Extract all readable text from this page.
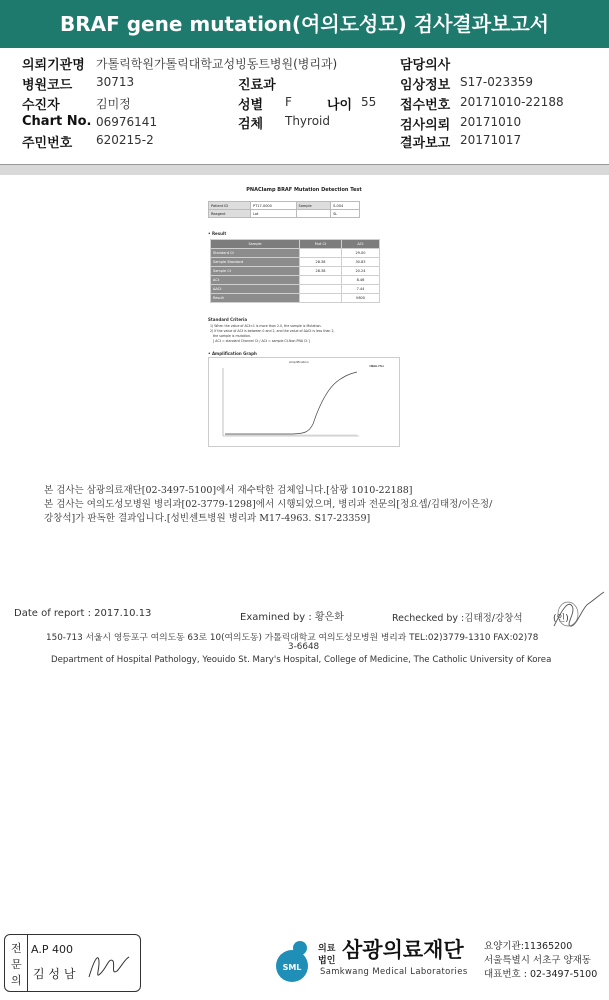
BRAF gene mutation(여의도성모) 검사결과보고서
의뢰기관명 가톨릭학원가톨릭대학교성빙동트병원(병리과)	담당의사
병원코드 30713	진료과	임상정보 S17-023359
수진자	김미정	성별 F	나이 55 접수번호 20171010-22188
Chart No. 06976141	검체 Thyroid	검사의뢰 20171010
주민번호 620215-2	결과보고 20171017
PNAClamp BRAF Mutation Detection Test
Patient ID	PT17-0000	Sample	S-004
Reagent	Lot		SL
• Result
Sample	Mut Ct	ΔCt
Standard Ct		29.00
Sample Standard	28.38	30.83
Sample Ct	28.38	20.24
ΔCt		8.46
ΔΔCt		7.44
Result		V600
Standard Criteria
1) When the value of ΔCt<1 is more than 2.0, the sample is Mutation.
2) If the value of ΔCt is between 0 and 2, and the value of ΔΔCt is less than 2,
the sample is mutation.
[ ΔCt = standard Channel Ct / ΔCt = sample Ct-Non-PNA Ct ]
• Amplification Graph
Amplification
Non-PNA
본 검사는 삼광의료재단[02-3497-5100]에서 재수탁한 검체입니다.[삼광 1010-22188]
본 검사는 여의도성모병원 병리과[02-3779-1298]에서 시행되었으며, 병리과 전문의[정요셉/김태정/이은정/
강창석]가 판독한 결과입니다.[성빈센트병원 병리과 M17-4963. S17-23359]
Date of report : 2017.10.13	Examined by : 황은화	Rechecked by :김태정/강창석	(인)
150-713 서울시 영등포구 여의도동 63로 10(여의도동) 가톨릭대학교 여의도성모병원 병리과 TEL:02)3779-1310 FAX:02)78
3-6648
Department of Hospital Pathology, Yeouido St. Mary's Hospital, College of Medicine, The Catholic University of Korea
전
문
의
A.P 400
김 성 남	SML
의료
법인 삼광의료재단
Samkwang Medical Laboratories
요양기관:11365200
서울특별시 서초구 양재동
대표번호 : 02-3497-5100
